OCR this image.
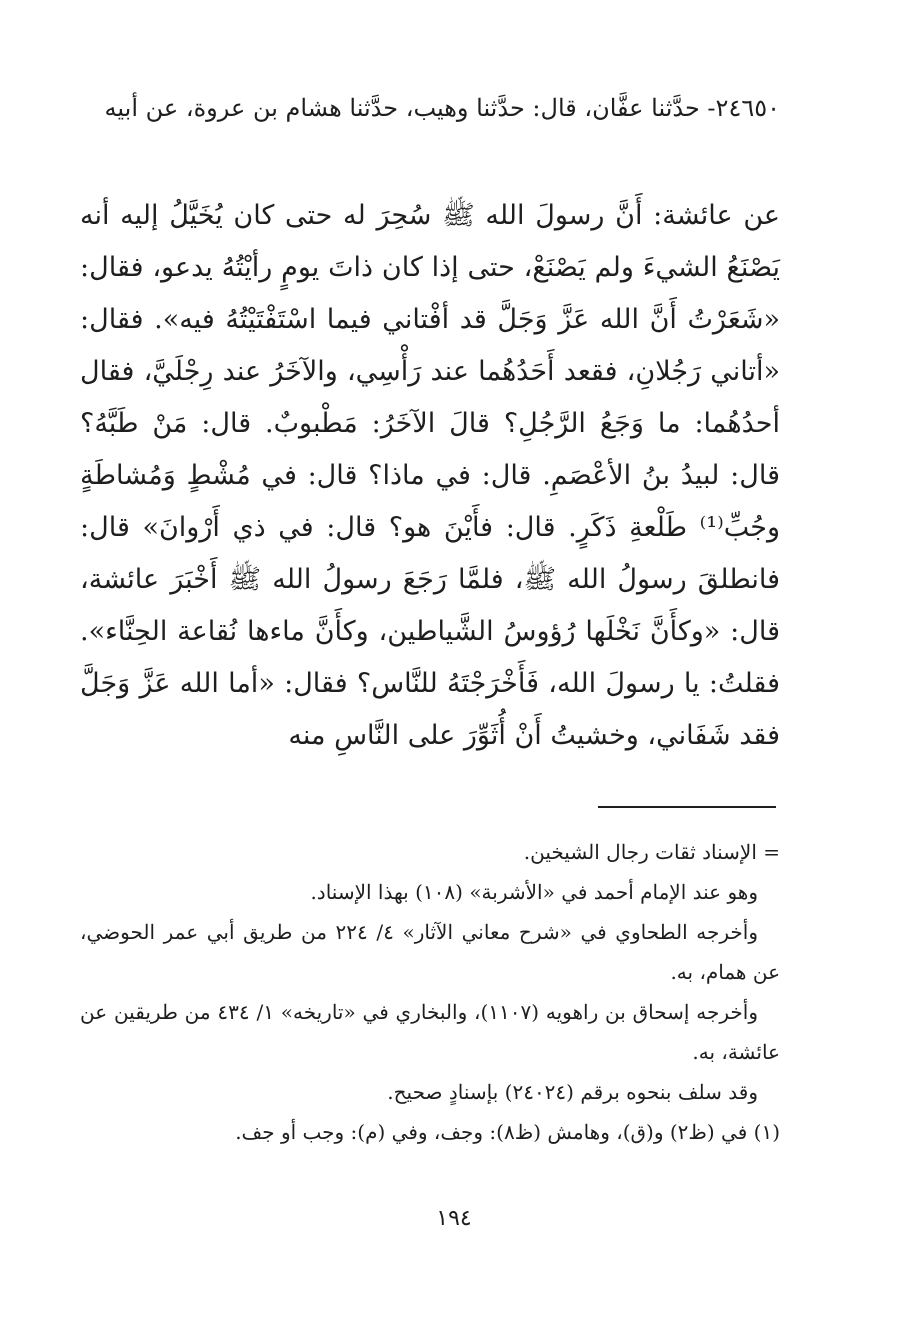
٢٤٦٥٠- حدَّثنا عفَّان، قال: حدَّثنا وهيب، حدَّثنا هشام بن عروة، عن أبيه

عن عائشة: أَنَّ رسولَ الله ﷺ سُحِرَ له حتى كان يُخَيَّلُ إليه أنه يَصْنَعُ الشيءَ ولم يَصْنَعْ، حتى إذا كان ذاتَ يومٍ رأيْتُهُ يدعو، فقال: «شَعَرْتُ أَنَّ الله عَزَّ وَجَلَّ قد أفْتاني فيما اسْتَفْتَيْتُهُ فيه». فقال: «أتاني رَجُلانِ، فقعد أَحَدُهُما عند رَأْسِي، والآخَرُ عند رِجْلَيَّ، فقال أحدُهُما: ما وَجَعُ الرَّجُلِ؟ قالَ الآخَرُ: مَطْبوبٌ. قال: مَنْ طَبَّهُ؟ قال: لبيدُ بنُ الأعْصَمِ. قال: في ماذا؟ قال: في مُشْطٍ وَمُشاطَةٍ وجُبِّ⁽¹⁾ طَلْعةِ ذَكَرٍ. قال: فأَيْنَ هو؟ قال: في ذي أَرْوانَ» قال: فانطلقَ رسولُ الله ﷺ، فلمَّا رَجَعَ رسولُ الله ﷺ أَخْبَرَ عائشة، قال: «وكأَنَّ نَخْلَها رُؤوسُ الشَّياطين، وكأَنَّ ماءها نُقاعة الحِنَّاء». فقلتُ: يا رسولَ الله، فَأَخْرَجْتَهُ للنَّاس؟ فقال: «أما الله عَزَّ وَجَلَّ فقد شَفَاني، وخشيتُ أَنْ أُثَوِّرَ على النَّاسِ منه

= الإسناد ثقات رجال الشيخين.

وهو عند الإمام أحمد في «الأشربة» (١٠٨) بهذا الإسناد.

وأخرجه الطحاوي في «شرح معاني الآثار» ٤/ ٢٢٤ من طريق أبي عمر الحوضي، عن همام، به.

وأخرجه إسحاق بن راهويه (١١٠٧)، والبخاري في «تاريخه» ١/ ٤٣٤ من طريقين عن عائشة، به.

وقد سلف بنحوه برقم (٢٤٠٢٤) بإسنادٍ صحيح.

(١) في (ظ٢) و(ق)، وهامش (ظ٨): وجف، وفي (م): وجب أو جف.

١٩٤
